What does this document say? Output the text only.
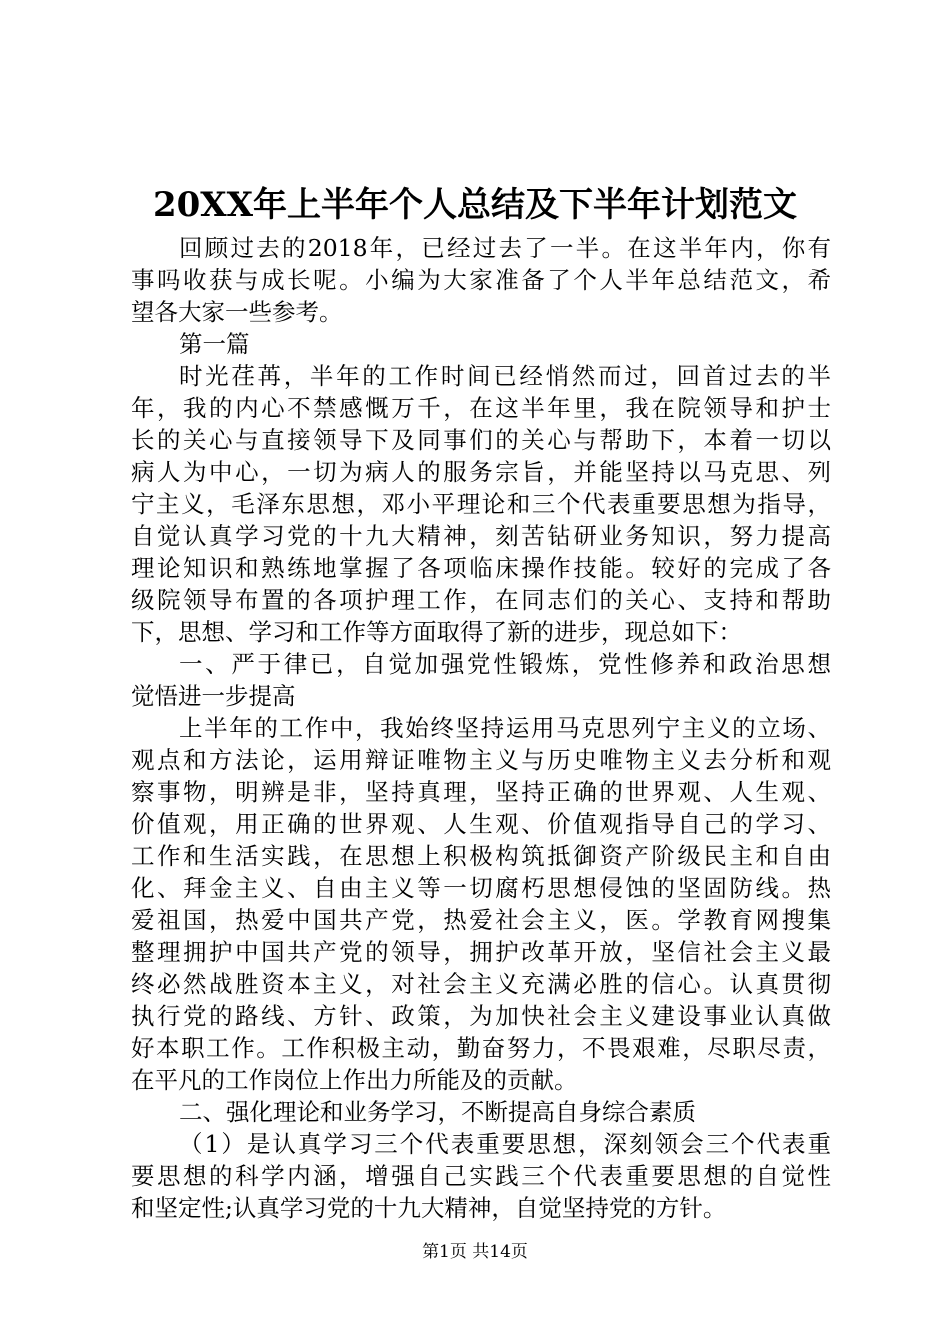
20XX年上半年个人总结及下半年计划范文
回顾过去的2018年，已经过去了一半。在这半年内，你有
事吗收获与成长呢。小编为大家准备了个人半年总结范文，希
望各大家一些参考。
第一篇
时光荏苒，半年的工作时间已经悄然而过，回首过去的半
年，我的内心不禁感慨万千，在这半年里，我在院领导和护士
长的关心与直接领导下及同事们的关心与帮助下，本着一切以
病人为中心，一切为病人的服务宗旨，并能坚持以马克思、列
宁主义，毛泽东思想，邓小平理论和三个代表重要思想为指导，
自觉认真学习党的十九大精神，刻苦钻研业务知识，努力提高
理论知识和熟练地掌握了各项临床操作技能。较好的完成了各
级院领导布置的各项护理工作，在同志们的关心、支持和帮助
下，思想、学习和工作等方面取得了新的进步，现总如下：
一、严于律已，自觉加强党性锻炼，党性修养和政治思想
觉悟进一步提高
上半年的工作中，我始终坚持运用马克思列宁主义的立场、
观点和方法论，运用辩证唯物主义与历史唯物主义去分析和观
察事物，明辨是非，坚持真理，坚持正确的世界观、人生观、
价值观，用正确的世界观、人生观、价值观指导自己的学习、
工作和生活实践，在思想上积极构筑抵御资产阶级民主和自由
化、拜金主义、自由主义等一切腐朽思想侵蚀的坚固防线。热
爱祖国，热爱中国共产党，热爱社会主义，医。学教育网搜集
整理拥护中国共产党的领导，拥护改革开放，坚信社会主义最
终必然战胜资本主义，对社会主义充满必胜的信心。认真贯彻
执行党的路线、方针、政策，为加快社会主义建设事业认真做
好本职工作。工作积极主动，勤奋努力，不畏艰难，尽职尽责，
在平凡的工作岗位上作出力所能及的贡献。
二、强化理论和业务学习，不断提高自身综合素质
（1）是认真学习三个代表重要思想，深刻领会三个代表重
要思想的科学内涵，增强自己实践三个代表重要思想的自觉性
和坚定性;认真学习党的十九大精神，自觉坚持党的方针。
第1页 共14页
